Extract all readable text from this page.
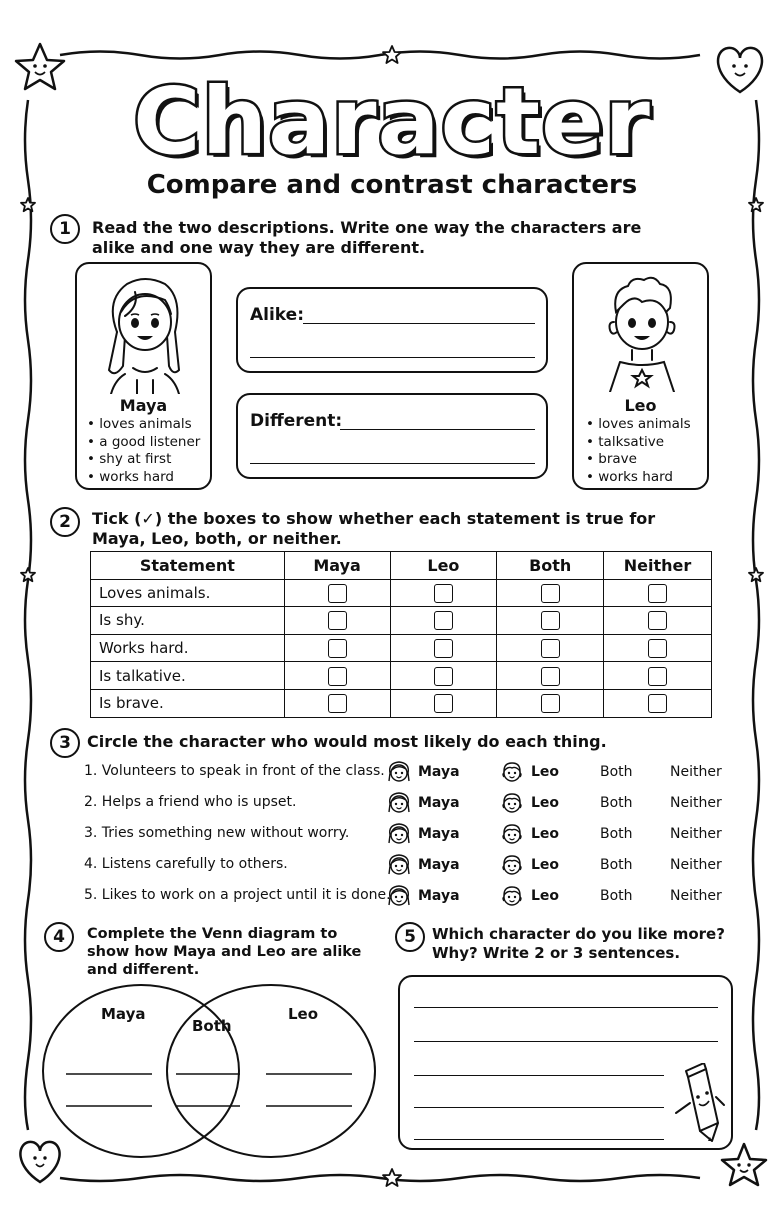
Character
Compare and contrast characters
1	Read the two descriptions. Write one way the characters are alike and one way they are different.
Maya
• loves animals
• a good listener
• shy at first
• works hard
Alike:
Different:
Leo
• loves animals
• talksative
• brave
• works hard
2	Tick (✓) the boxes to show whether each statement is true for Maya, Leo, both, or neither.
Statement	Maya	Leo	Both	Neither
Loves animals.				
Is shy.				
Works hard.				
Is talkative.				
Is brave.				
3	Circle the character who would most likely do each thing.
1. Volunteers to speak in front of the class. Maya	Leo	Both	Neither
2. Helps a friend who is upset.	Maya	Leo	Both	Neither
3. Tries something new without worry.	Maya	Leo	Both	Neither
4. Listens carefully to others.	Maya	Leo	Both	Neither
5. Likes to work on a project until it is done. Maya	Leo	Both	Neither
4	Complete the Venn diagram to show how Maya and Leo are alike and different.
Maya
Both
Leo
5	Which character do you like more? Why? Write 2 or 3 sentences.
